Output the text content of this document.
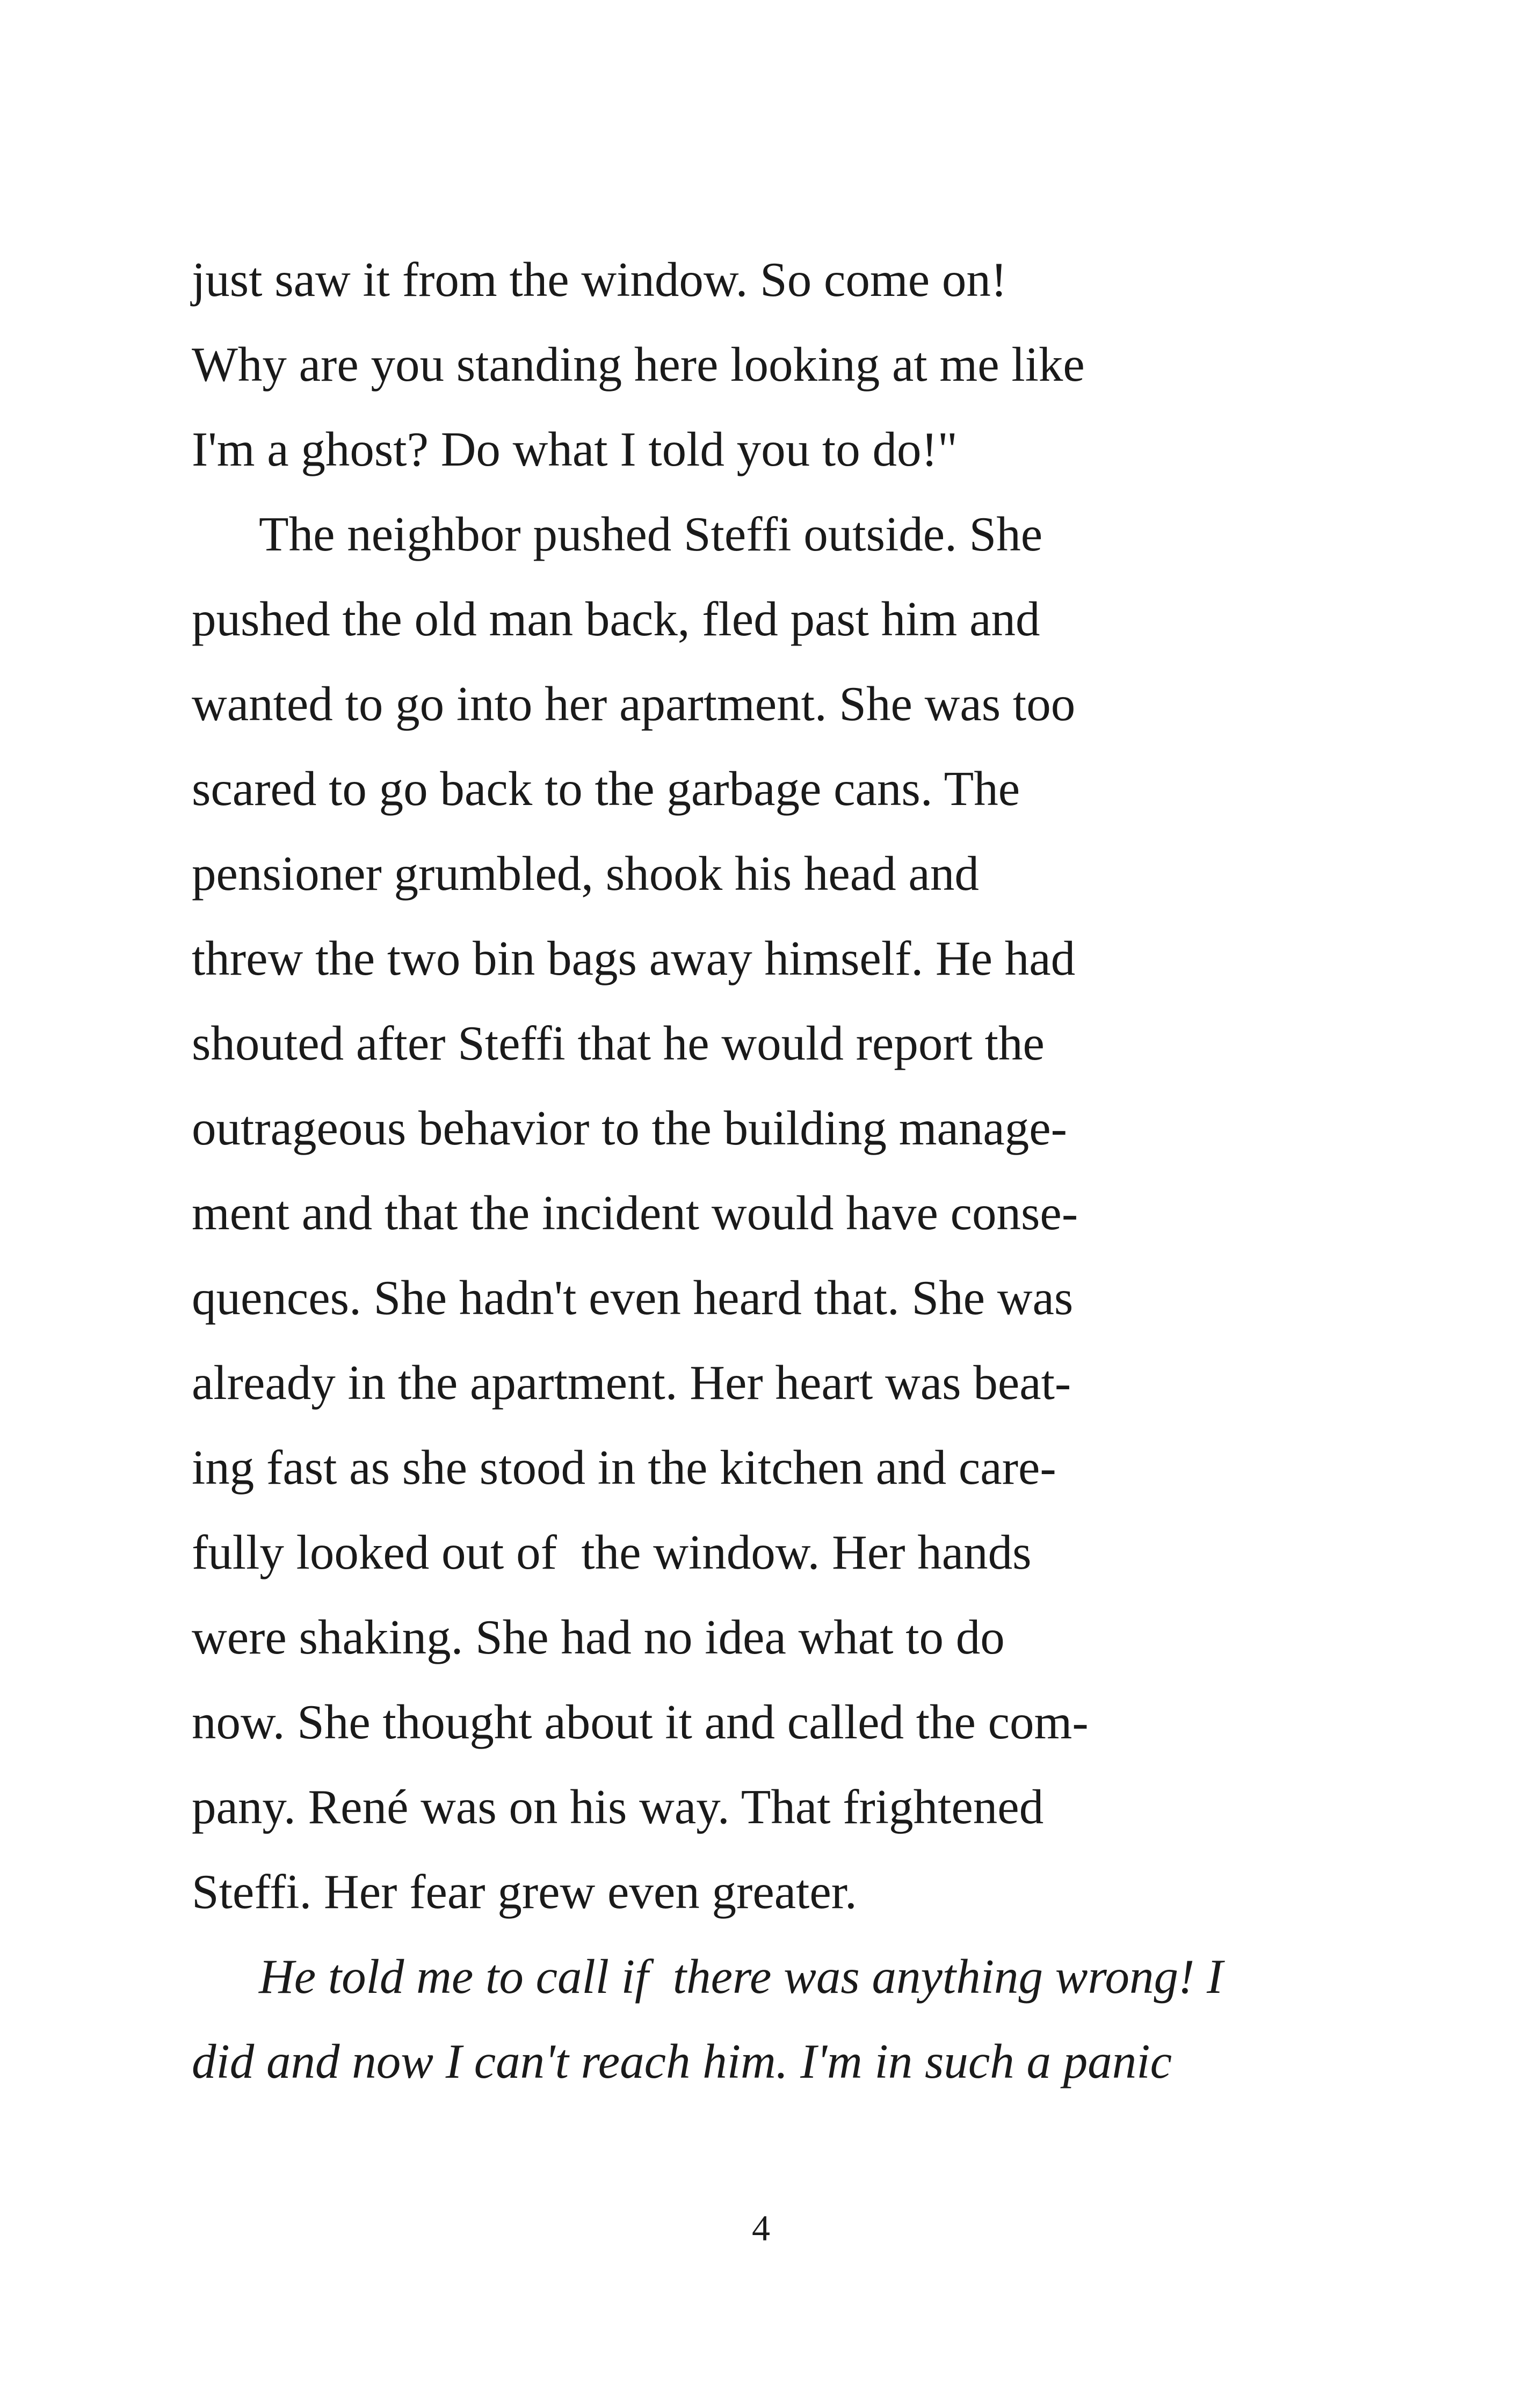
just saw it from the window. So come on!
Why are you standing here looking at me like
I'm a ghost? Do what I told you to do!"
The neighbor pushed Steffi outside. She
pushed the old man back, fled past him and
wanted to go into her apartment. She was too
scared to go back to the garbage cans. The
pensioner grumbled, shook his head and
threw the two bin bags away himself. He had
shouted after Steffi that he would report the
outrageous behavior to the building manage-
ment and that the incident would have conse-
quences. She hadn't even heard that. She was
already in the apartment. Her heart was beat-
ing fast as she stood in the kitchen and care-
fully looked out of  the window. Her hands
were shaking. She had no idea what to do
now. She thought about it and called the com-
pany. René was on his way. That frightened
Steffi. Her fear grew even greater.
He told me to call if  there was anything wrong! I
did and now I can't reach him. I'm in such a panic
4
